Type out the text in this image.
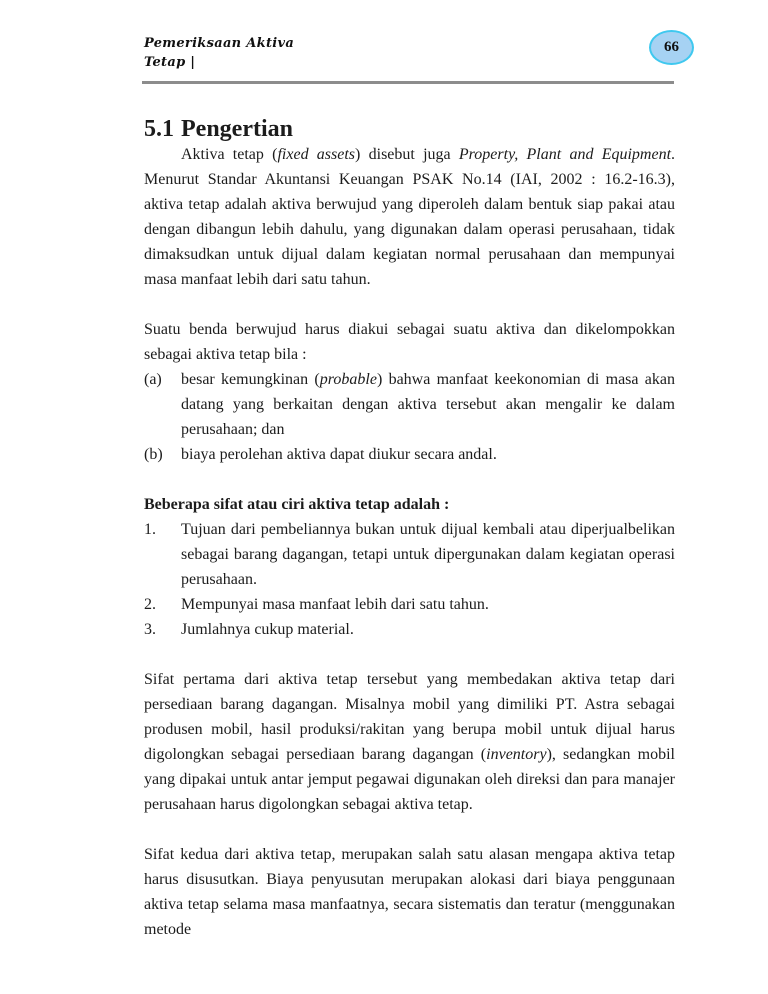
Pemeriksaan Aktiva
Tetap |
66
5.1 Pengertian

Aktiva tetap (fixed assets) disebut juga Property, Plant and Equipment. Menurut Standar Akuntansi Keuangan PSAK No.14 (IAI, 2002 : 16.2-16.3), aktiva tetap adalah aktiva berwujud yang diperoleh dalam bentuk siap pakai atau dengan dibangun lebih dahulu, yang digunakan dalam operasi perusahaan, tidak dimaksudkan untuk dijual dalam kegiatan normal perusahaan dan mempunyai masa manfaat lebih dari satu tahun.

Suatu benda berwujud harus diakui sebagai suatu aktiva dan dikelompokkan sebagai aktiva tetap bila :

(a)	besar kemungkinan (probable) bahwa manfaat keekonomian di masa akan datang yang berkaitan dengan aktiva tersebut akan mengalir ke dalam perusahaan; dan
(b)	biaya perolehan aktiva dapat diukur secara andal.

Beberapa sifat atau ciri aktiva tetap adalah :

1.	Tujuan dari pembeliannya bukan untuk dijual kembali atau diperjualbelikan sebagai barang dagangan, tetapi untuk dipergunakan dalam kegiatan operasi perusahaan.
2.	Mempunyai masa manfaat lebih dari satu tahun.
3.	Jumlahnya cukup material.

Sifat pertama dari aktiva tetap tersebut yang membedakan aktiva tetap dari persediaan barang dagangan. Misalnya mobil yang dimiliki PT. Astra sebagai produsen mobil, hasil produksi/rakitan yang berupa mobil untuk dijual harus digolongkan sebagai persediaan barang dagangan (inventory), sedangkan mobil yang dipakai untuk antar jemput pegawai digunakan oleh direksi dan para manajer perusahaan harus digolongkan sebagai aktiva tetap.

Sifat kedua dari aktiva tetap, merupakan salah satu alasan mengapa aktiva tetap harus disusutkan. Biaya penyusutan merupakan alokasi dari biaya penggunaan aktiva tetap selama masa manfaatnya, secara sistematis dan teratur (menggunakan metode
